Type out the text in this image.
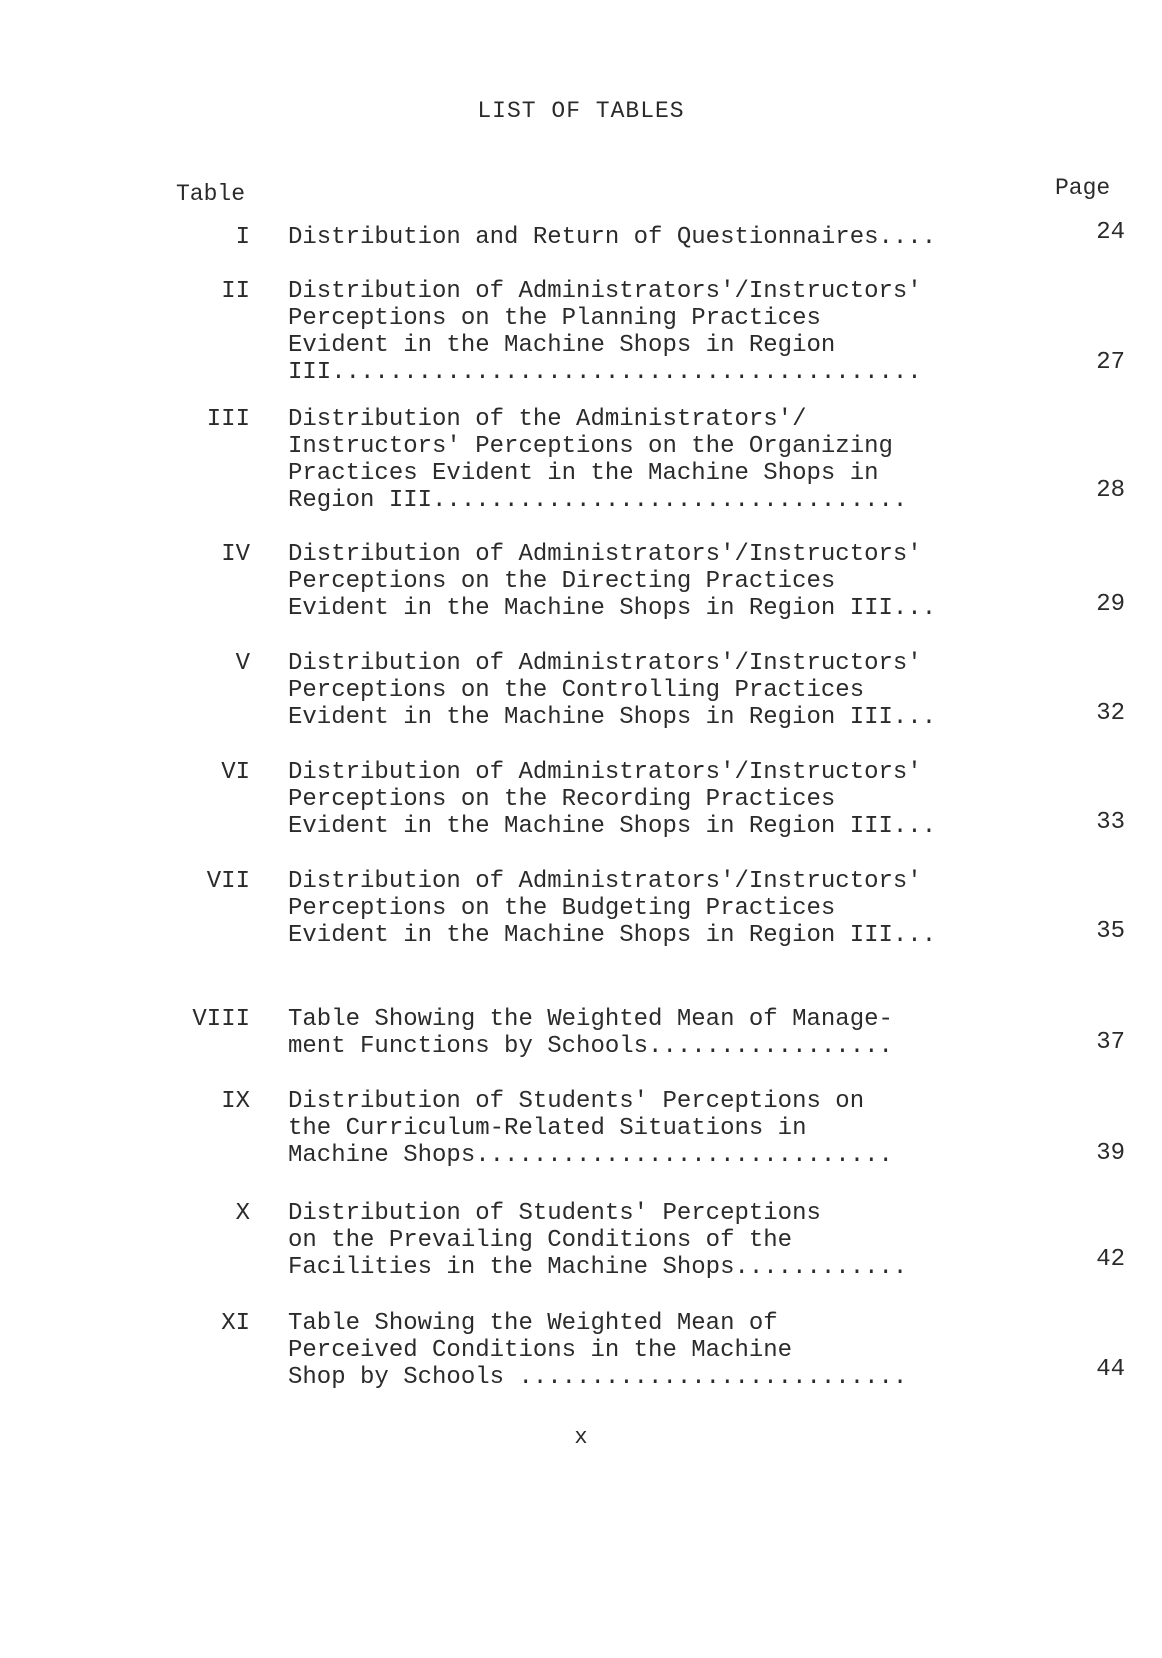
LIST OF TABLES
Table	Page
I Distribution and Return of Questionnaires....	24
II Distribution of Administrators'/Instructors'
Perceptions on the Planning Practices
Evident in the Machine Shops in Region
III.........................................	27
III Distribution of the Administrators'/
Instructors' Perceptions on the Organizing
Practices Evident in the Machine Shops in
Region III.................................	28
IV Distribution of Administrators'/Instructors'
Perceptions on the Directing Practices
Evident in the Machine Shops in Region III...	29
V Distribution of Administrators'/Instructors'
Perceptions on the Controlling Practices
Evident in the Machine Shops in Region III...	32
VI Distribution of Administrators'/Instructors'
Perceptions on the Recording Practices
Evident in the Machine Shops in Region III...	33
VII Distribution of Administrators'/Instructors'
Perceptions on the Budgeting Practices
Evident in the Machine Shops in Region III...	35
VIII Table Showing the Weighted Mean of Manage-
ment Functions by Schools.................	37
IX Distribution of Students' Perceptions on
the Curriculum-Related Situations in
Machine Shops.............................	39
X Distribution of Students' Perceptions
on the Prevailing Conditions of the
Facilities in the Machine Shops............	42
XI Table Showing the Weighted Mean of
Perceived Conditions in the Machine
Shop by Schools ...........................	44
x
